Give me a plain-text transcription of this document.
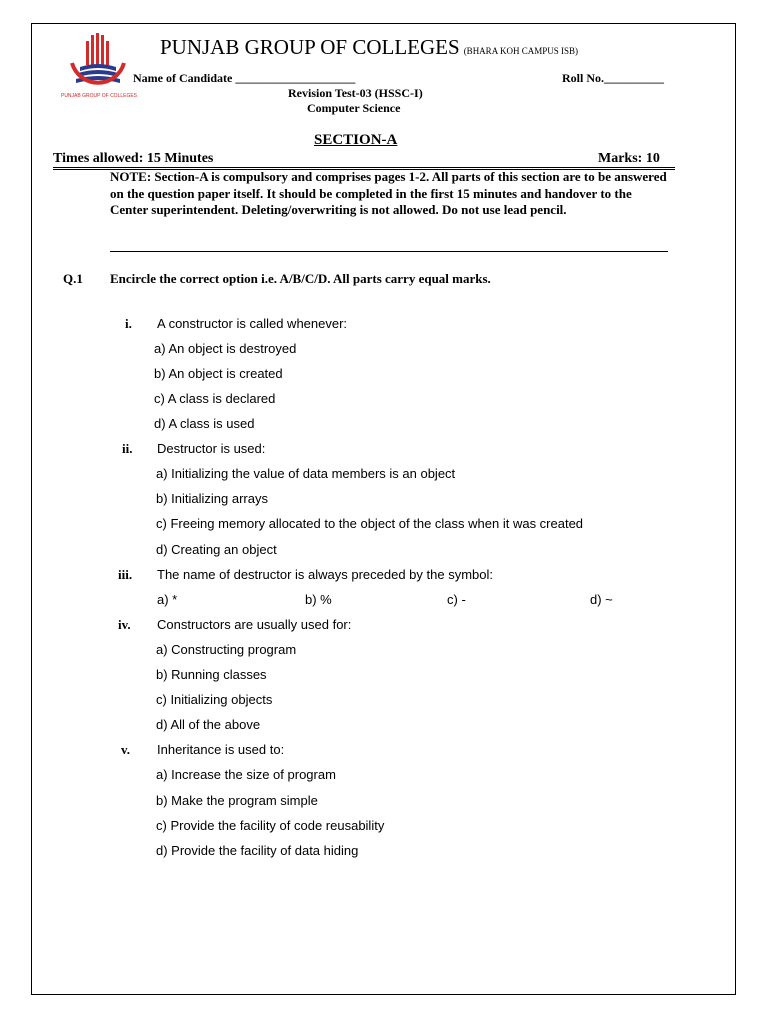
PUNJAB GROUP OF COLLEGES
PUNJAB GROUP OF COLLEGES (BHARA KOH CAMPUS ISB)
Name of Candidate ____________________	Roll No.__________
Revision Test-03 (HSSC-I)
Computer Science
SECTION-A
Times allowed: 15 Minutes	Marks: 10
NOTE: Section-A is compulsory and comprises pages 1-2. All parts of this section are to be answered on the question paper itself. It should be completed in the first 15 minutes and handover to the Center superintendent. Deleting/overwriting is not allowed. Do not use lead pencil.
Q.1 Encircle the correct option i.e. A/B/C/D. All parts carry equal marks.
i. A constructor is called whenever:
a) An object is destroyed
b) An object is created
c) A class is declared
d) A class is used
ii. Destructor is used:
a) Initializing the value of data members is an object
b) Initializing arrays
c) Freeing memory allocated to the object of the class when it was created
d) Creating an object
iii. The name of destructor is always preceded by the symbol:
a) *	b) %	c) -	d) ~
iv. Constructors are usually used for:
a) Constructing program
b) Running classes
c) Initializing objects
d) All of the above
v. Inheritance is used to:
a) Increase the size of program
b) Make the program simple
c) Provide the facility of code reusability
d) Provide the facility of data hiding
